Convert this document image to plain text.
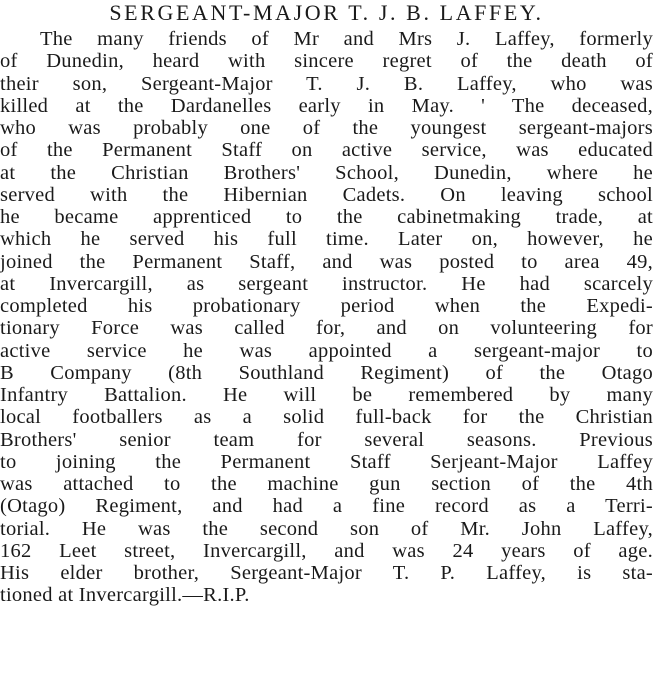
SERGEANT-MAJOR T. J. B. LAFFEY.
The many friends of Mr and Mrs J. Laffey, formerly
of Dunedin, heard with sincere regret of the death of
their son, Sergeant-Major T. J. B. Laffey, who was
killed at the Dardanelles early in May. ' The deceased,
who was probably one of the youngest sergeant-majors
of the Permanent Staff on active service, was educated
at the Christian Brothers' School, Dunedin, where he
served with the Hibernian Cadets. On leaving school
he became apprenticed to the cabinetmaking trade, at
which he served his full time. Later on, however, he
joined the Permanent Staff, and was posted to area 49,
at Invercargill, as sergeant instructor. He had scarcely
completed his probationary period when the Expedi-
tionary Force was called for, and on volunteering for
active service he was appointed a sergeant-major to
B Company (8th Southland Regiment) of the Otago
Infantry Battalion. He will be remembered by many
local footballers as a solid full-back for the Christian
Brothers' senior team for several seasons. Previous
to joining the Permanent Staff Serjeant-Major Laffey
was attached to the machine gun section of the 4th
(Otago) Regiment, and had a fine record as a Terri-
torial. He was the second son of Mr. John Laffey,
162 Leet street, Invercargill, and was 24 years of age.
His elder brother, Sergeant-Major T. P. Laffey, is sta-
tioned at Invercargill.—R.I.P.
